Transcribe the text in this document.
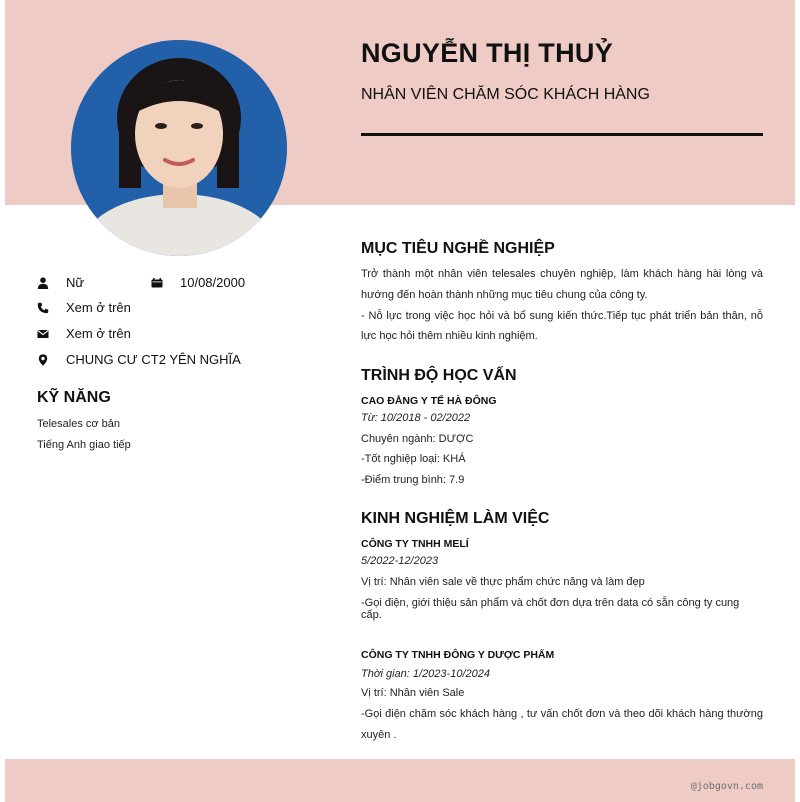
NGUYỄN THỊ THUỶ
NHÂN VIÊN CHĂM SÓC KHÁCH HÀNG
Nữ	10/08/2000
Xem ở trên
Xem ở trên
CHUNG CƯ CT2 YÊN NGHĨA
KỸ NĂNG
Telesales cơ bản
Tiếng Anh giao tiếp
MỤC TIÊU NGHỀ NGHIỆP

Trở thành một nhân viên telesales chuyên nghiệp, làm khách hàng hài lòng và hướng đến hoàn thành những mục tiêu chung của công ty.

- Nỗ lực trong việc học hỏi và bổ sung kiến thức.Tiếp tục phát triển bản thân, nỗ lực học hỏi thêm nhiều kinh nghiệm.

TRÌNH ĐỘ HỌC VẤN
CAO ĐẲNG Y TẾ HÀ ĐÔNG
Từ: 10/2018 - 02/2022
Chuyên ngành: DƯỢC
-Tốt nghiệp loại: KHÁ
-Điểm trung bình: 7.9
KINH NGHIỆM LÀM VIỆC
CÔNG TY TNHH MELÍ
5/2022-12/2023
Vị trí: Nhân viên sale về thực phẩm chức năng và làm đẹp
-Gọi điện, giới thiệu sản phẩm và chốt đơn dựa trên data có sẵn công ty cung cấp.
CÔNG TY TNHH ĐÔNG Y DƯỢC PHẨM
Thời gian: 1/2023-10/2024
Vị trí: Nhân viên Sale
-Gọi điện chăm sóc khách hàng , tư vấn chốt đơn và theo dõi khách hàng thường xuyên .
@jobgovn.com
